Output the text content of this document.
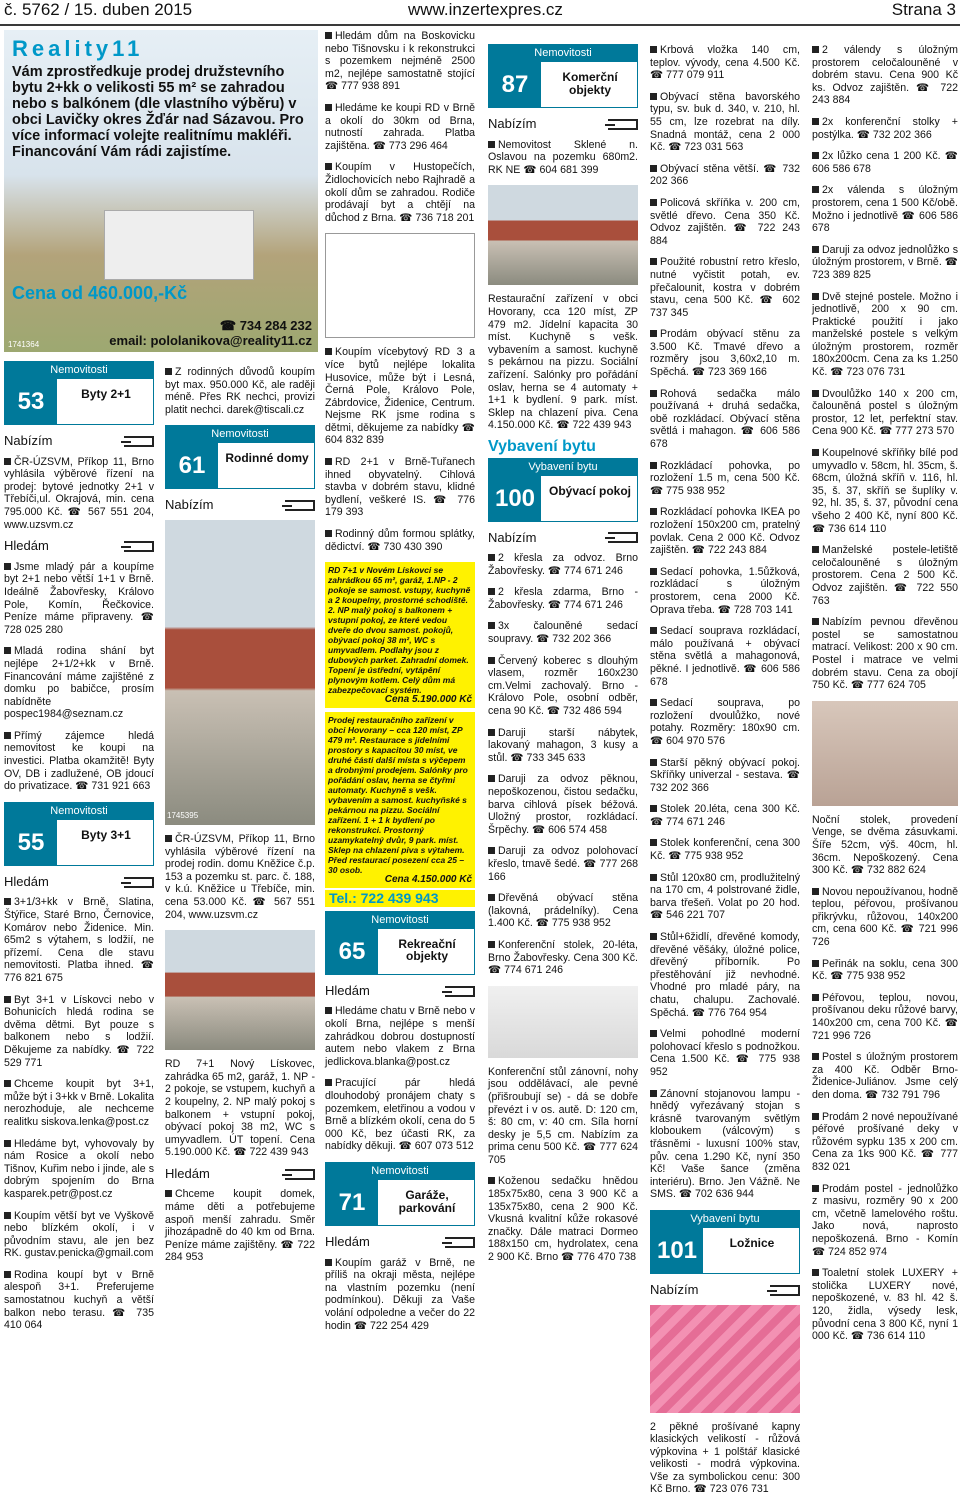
č. 5762 / 15. duben 2015	www.inzertexpres.cz	Strana 3
Reality11
Vám zprostředkuje prodej družstevního bytu 2+kk o velikosti 55 m² se zahradou nebo s balkónem (dle vlastního výběru) v obci Lavičky okres Žďár nad Sázavou. Pro více informací volejte realitnímu makléři. Financování Vám rádi zajistíme.
Cena od 460.000,-Kč
1741364
☎ 734 284 232
email: pololanikova@reality11.cz
Nemovitosti
53	Byty 2+1
Nabízím
ČR-ÚZSVM, Příkop 11, Brno vyhlásila výběrové řízení na prodej: bytové jednotky 2+1 v Třebíči,ul. Okrajová, min. cena 795.000 Kč. ☎ 567 551 204, www.uzsvm.cz
Hledám
Jsme mladý pár a koupíme byt 2+1 nebo větší 1+1 v Brně. Ideálně Žabovřesky, Královo Pole, Komín, Řečkovice. Peníze máme připraveny. ☎ 728 025 280
Mladá rodina shání byt nejlépe 2+1/2+kk v Brně. Financování máme zajištěné z domku po babičce, prosím nabídněte pospec1984@seznam.cz
Přímý zájemce hledá nemovitost ke koupi na investici. Platba okamžitě! Byty OV, DB i zadlužené, OB jdoucí do privatizace. ☎ 731 921 663
Nemovitosti
55	Byty 3+1
Hledám
3+1/3+kk v Brně, Slatina, Štýřice, Staré Brno, Černovice, Komárov nebo Židenice. Min. 65m2 s výtahem, s lodžií, ne přízemí. Cena dle stavu nemovitosti. Platba ihned. ☎ 776 821 675
Byt 3+1 v Lískovci nebo v Bohunicích hledá rodina se dvěma dětmi. Byt pouze s balkonem nebo s lodžií. Děkujeme za nabídky. ☎ 722 529 771
Chceme koupit byt 3+1, může být i 3+kk v Brně. Lokalita nerozhoduje, ale nechceme realitku siskova.lenka@post.cz
Hledáme byt, vyhovovaly by nám Rosice a okolí nebo Tišnov, Kuřim nebo i jinde, ale s dobrým spojením do Brna kasparek.petr@post.cz
Koupím větší byt ve Vyškově nebo blízkém okolí, i v původním stavu, ale jen bez RK. gustav.penicka@gmail.com
Rodina koupí byt v Brně alespoň 3+1. Preferujeme samostatnou kuchyň a větší balkon nebo terasu. ☎ 735 410 064
Z rodinných důvodů koupím byt max. 950.000 Kč, ale raději méně. Přes RK nechci, provizi platit nechci. darek@tiscali.cz
Nemovitosti
61	Rodinné domy
Nabízím
1745395
ČR-ÚZSVM, Příkop 11, Brno vyhlásila výběrové řízení na prodej rodin. domu Kněžice č.p. 153 a pozemku st. parc. č. 188, v k.ú. Kněžice u Třebíče, min. cena 53.000 Kč. ☎ 567 551 204, www.uzsvm.cz
RD 7+1 Nový Lískovec, zahrádka 65 m2, garáž, 1. NP - 2 pokoje, se vstupem, kuchyň a 2 koupelny, 2. NP malý pokoj s balkonem + vstupní pokoj, obývací pokoj 38 m2, WC s umyvadlem. ÚT topení. Cena 5.190.000 Kč. ☎ 722 439 943
Hledám
Chceme koupit domek, máme děti a potřebujeme aspoň menší zahradu. Směr jihozápadně do 40 km od Brna. Peníze máme zajištěny. ☎ 722 284 953
Hledám dům na Boskovicku nebo Tišnovsku i k rekonstrukci s pozemkem nejméně 2500 m2, nejlépe samostatně stojící ☎ 777 938 891
Hledáme ke koupi RD v Brně a okolí do 30km od Brna, nutností zahrada. Platba zajištěna. ☎ 773 296 464
Koupím v Hustopečích, Židlochovicích nebo Rajhradě a okolí dům se zahradou. Rodiče prodávají byt a chtějí na důchod z Brna. ☎ 736 718 201
Koupím vícebytový RD 3 a více bytů nejlépe lokalita Husovice, může být i Lesná, Černá Pole, Královo Pole, Zábrdovice, Židenice, Centrum. Nejsme RK jsme rodina s dětmi, děkujeme za nabídky ☎ 604 832 839
RD 2+1 v Brně-Tuřanech ihned obyvatelný. Cihlová stavba v dobrém stavu, klidné bydlení, veškeré IS. ☎ 776 179 393
Rodinný dům formou splátky, dědictví. ☎ 730 430 390
RD 7+1 v Novém Lískovci se zahrádkou 65 m², garáž, 1.NP - 2 pokoje se samost. vstupy, kuchyně a 2 koupelny, prostorné schodiště. 2. NP malý pokoj s balkonem + vstupní pokoj, ze které vedou dveře do dvou samost. pokojů, obývací pokoj 38 m², WC s umyvadlem. Podlahy jsou z dubových parket. Zahradní domek. Topení je ústřední, vytápění plynovým kotlem. Celý dům má zabezpečovací systém.
Cena 5.190.000 Kč
Prodej restauračního zařízení v obci Hovorany – cca 120 míst, ZP 479 m². Restaurace s jídelními prostory s kapacitou 30 míst, ve druhé části další místa s výčepem a drobnými prodejem. Salónky pro pořádání oslav, herna se čtyřmi automaty. Kuchyně s vešk. vybavením a samost. kuchyňské s pekárnou na pizzu. Sociální zařízení. 1 + 1 k bydlení po rekonstrukci. Prostorný uzamykatelný dvůr, 9 park. míst. Sklep na chlazení piva s výtahem. Před restaurací posezení cca 25 – 30 osob.
Cena 4.150.000 Kč
Tel.: 722 439 943
Nemovitosti
65	Rekreační objekty
Hledám
Hledáme chatu v Brně nebo v okolí Brna, nejlépe s menší zahrádkou dobrou dostupností autem nebo vlakem z Brna jedlickova.blanka@post.cz
Pracující pár hledá dlouhodobý pronájem chaty s pozemkem, eletřinou a vodou v Brně a blízkém okolí, cena do 5 000 Kč, bez účasti RK, za nabídky děkuji. ☎ 607 073 512
Nemovitosti
71	Garáže, parkování
Hledám
Koupím garáž v Brně, ne příliš na okraji města, nejlépe na vlastním pozemku (není podmínkou). Děkuji za Vaše volání odpoledne a večer do 22 hodin ☎ 722 254 429
Nemovitosti
87	Komerční objekty
Nabízím
Nemovitost Sklené n. Oslavou na pozemku 680m2. RK NE ☎ 604 681 399
Restaurační zařízení v obci Hovorany, cca 120 míst, ZP 479 m2. Jídelní kapacita 30 míst. Kuchyně s vešk. vybavením a samost. kuchyně s pekárnou na pizzu. Sociální zařízení. Salónky pro pořádání oslav, herna se 4 automaty + 1+1 k bydlení. 9 park. míst. Sklep na chlazení piva. Cena 4.150.000 Kč. ☎ 722 439 943
Vybavení bytu
Vybavení bytu
100	Obývací pokoj
Nabízím
2 křesla za odvoz. Brno Žabovřesky. ☎ 774 671 246
2 křesla zdarma, Brno - Žabovřesky. ☎ 774 671 246
3x čalouněné sedací soupravy. ☎ 732 202 366
Červený koberec s dlouhým vlasem, rozměr 160x230 cm.Velmi zachovalý. Brno - Královo Pole, osobní odběr, cena 90 Kč. ☎ 732 486 594
Daruji starší nábytek, lakovaný mahagon, 3 kusy a stůl. ☎ 733 345 633
Daruji za odvoz pěknou, nepoškozenou, čistou sedačku, barva cihlová písek béžová. Uložný prostor, rozkládací. Šrpěchy. ☎ 606 574 458
Daruji za odvoz polohovací křeslo, tmavě šedé. ☎ 777 268 166
Dřevěná obývací stěna (lakovná, prádelníky). Cena 1.400 Kč. ☎ 775 938 952
Konferenční stolek, 20-léta, Brno Žabovřesky. Cena 300 Kč. ☎ 774 671 246
Konferenční stůl zánovní, nohy jsou oddělávací, ale pevné (přišroubují se) - dá se dobře převézt i v os. autě. D: 120 cm, š: 80 cm, v: 40 cm. Síla horní desky je 5,5 cm. Nabízím za prima cenu 500 Kč. ☎ 777 624 705
Koženou sedačku hnědou 185x75x80, cena 3 900 Kč a 135x75x80, cena 2 900 Kč. Vkusná kvalitní kůže rokasové značky. Dále matraci Dormeo 188x150 cm, hydrolatex, cena 2 900 Kč. Brno ☎ 776 470 738
Krbová vložka 140 cm, teplov. vývody, cena 4.500 Kč. ☎ 777 079 911
Obývací stěna bavorského typu, sv. buk d. 340, v. 210, hl. 55 cm, lze rozebrat na díly. Snadná montáž, cena 2 000 Kč. ☎ 723 031 563
Obývací stěna větší. ☎ 732 202 366
Policová skříňka v. 200 cm, světlé dřevo. Cena 350 Kč. Odvoz zajištěn. ☎ 722 243 884
Použité robustní retro křeslo, nutné vyčistit potah, ev. přečalounit, kostra v dobrém stavu, cena 500 Kč. ☎ 602 737 345
Prodám obývací stěnu za 3.500 Kč. Tmavé dřevo a rozměry jsou 3,60x2,10 m. Spěchá. ☎ 723 369 166
Rohová sedačka málo používaná + druhá sedačka, obě rozkládací. Obývací stěna světlá i mahagon. ☎ 606 586 678
Rozkládací pohovka, po rozložení 1.5 m, cena 500 Kč. ☎ 775 938 952
Rozkládací pohovka IKEA po rozložení 150x200 cm, pratelný povlak. Cena 2 000 Kč. Odvoz zajištěn. ☎ 722 243 884
Sedací pohovka, 1.5ůžková, rozkládací s úložným prostorem, cena 2000 Kč. Oprava třeba. ☎ 728 703 141
Sedací souprava rozkládací, málo používaná + obývací stěna světlá a mahagonová, pěkné. I jednotlivě. ☎ 606 586 678
Sedací souprava, po rozložení dvoulůžko, nové potahy. Rozměry: 180x90 cm. ☎ 604 970 576
Starší pěkný obývací pokoj. Skříňky univerzal - sestava. ☎ 732 202 366
Stolek 20.léta, cena 300 Kč. ☎ 774 671 246
Stolek konferenční, cena 300 Kč. ☎ 775 938 952
Stůl 120x80 cm, prodlužitelný na 170 cm, 4 polstrované židle, barva třešeň. Volat po 20 hod. ☎ 546 221 707
Stůl+6židlí, dřevěné komody, dřevěné věšáky, úložné police, dřevěný příborník. Po přestěhování již nevhodné. Vhodné pro mladé páry, na chatu, chalupu. Zachovalé. Spěchá. ☎ 776 764 954
Velmi pohodlné moderní polohovací křeslo s podnožkou. Cena 1.500 Kč. ☎ 775 938 952
Zánovní stojanovou lampu - hnědý vyřezávaný stojan s krásně tvarovaným světlým kloboukem (válcovým) s třásněmi - luxusní 100% stav, pův. cena 1.290 Kč, nyní 350 Kč! Vaše šance (změna interiéru). Brno. Jen Vážně. Ne SMS. ☎ 702 636 944
Vybavení bytu
101	Ložnice
Nabízím
2 pěkné prošívané kapny klasických velikostí - růžová výpkovina + 1 polštář klasické velikosti - modrá výpkovina. Vše za symbolickou cenu: 300 Kč Brno. ☎ 723 076 731
2 válendy s úložným prostorem celočalouněné v dobrém stavu. Cena 900 Kč ks. Odvoz zajištěn. ☎ 722 243 884
2x konferenční stolky + postýlka. ☎ 732 202 366
2x lůžko cena 1 200 Kč. ☎ 606 586 678
2x válenda s úložným prostorem, cena 1 500 Kč/obě. Možno i jednotlivě ☎ 606 586 678
Daruji za odvoz jednolůžko s úložným prostorem, v Brně. ☎ 723 389 825
Dvě stejné postele. Možno i jednotlivě, 200 x 90 cm. Praktické použití i jako manželské postele s velkým úložným prostorem, rozměr 180x200cm. Cena za ks 1.250 Kč. ☎ 723 076 731
Dvoulůžko 140 x 200 cm, čalouněná postel s úložným prostor, 12 let, perfektní stav. Cena 900 Kč. ☎ 777 273 570
Koupelnové skříňky bílé pod umyvadlo v. 58cm, hl. 35cm, š. 68cm, úložná skříň v. 116, hl. 35, š. 37, skříň se šuplíky v. 92, hl. 35, š. 37, původní cena všeho 2 400 Kč, nyní 800 Kč. ☎ 736 614 110
Manželské postele-letiště celočalouněné s úložným prostorem. Cena 2 500 Kč. Odvoz zajištěn. ☎ 722 550 763
Nabízím pevnou dřevěnou postel se samostatnou matrací. Velikost: 200 x 90 cm. Postel i matrace ve velmi dobrém stavu. Cena za obojí 750 Kč. ☎ 777 624 705
Noční stolek, provedení Venge, se dvěma zásuvkami. Šíře 52cm, výš. 40cm, hl. 36cm. Nepoškozený. Cena 300 Kč. ☎ 732 882 624
Novou nepoužívanou, hodně teplou, péřovou, prošívanou přikrývku, růžovou, 140x200 cm, cena 600 Kč. ☎ 721 996 726
Peřinák na soklu, cena 300 Kč. ☎ 775 938 952
Péřovou, teplou, novou, prošívanou deku růžové barvy, 140x200 cm, cena 700 Kč. ☎ 721 996 726
Postel s úložným prostorem za 400 Kč. Odběr Brno-Židenice-Juliánov. Jsme celý den doma. ☎ 732 791 796
Prodám 2 nové nepoužívané péřové prošívané deky v růžovém sypku 135 x 200 cm. Cena za 1ks 900 Kč. ☎ 777 832 021
Prodám postel - jednolůžko z masivu, rozměry 90 x 200 cm, včetně lamelového roštu. Jako nová, naprosto nepoškozená. Brno - Komín ☎ 724 852 974
Toaletní stolek LUXERY + stolička LUXERY nové, nepoškozené, v. 83 hl. 42 š. 120, židla, výsedy lesk, původní cena 3 800 Kč, nyní 1 000 Kč. ☎ 736 614 110
